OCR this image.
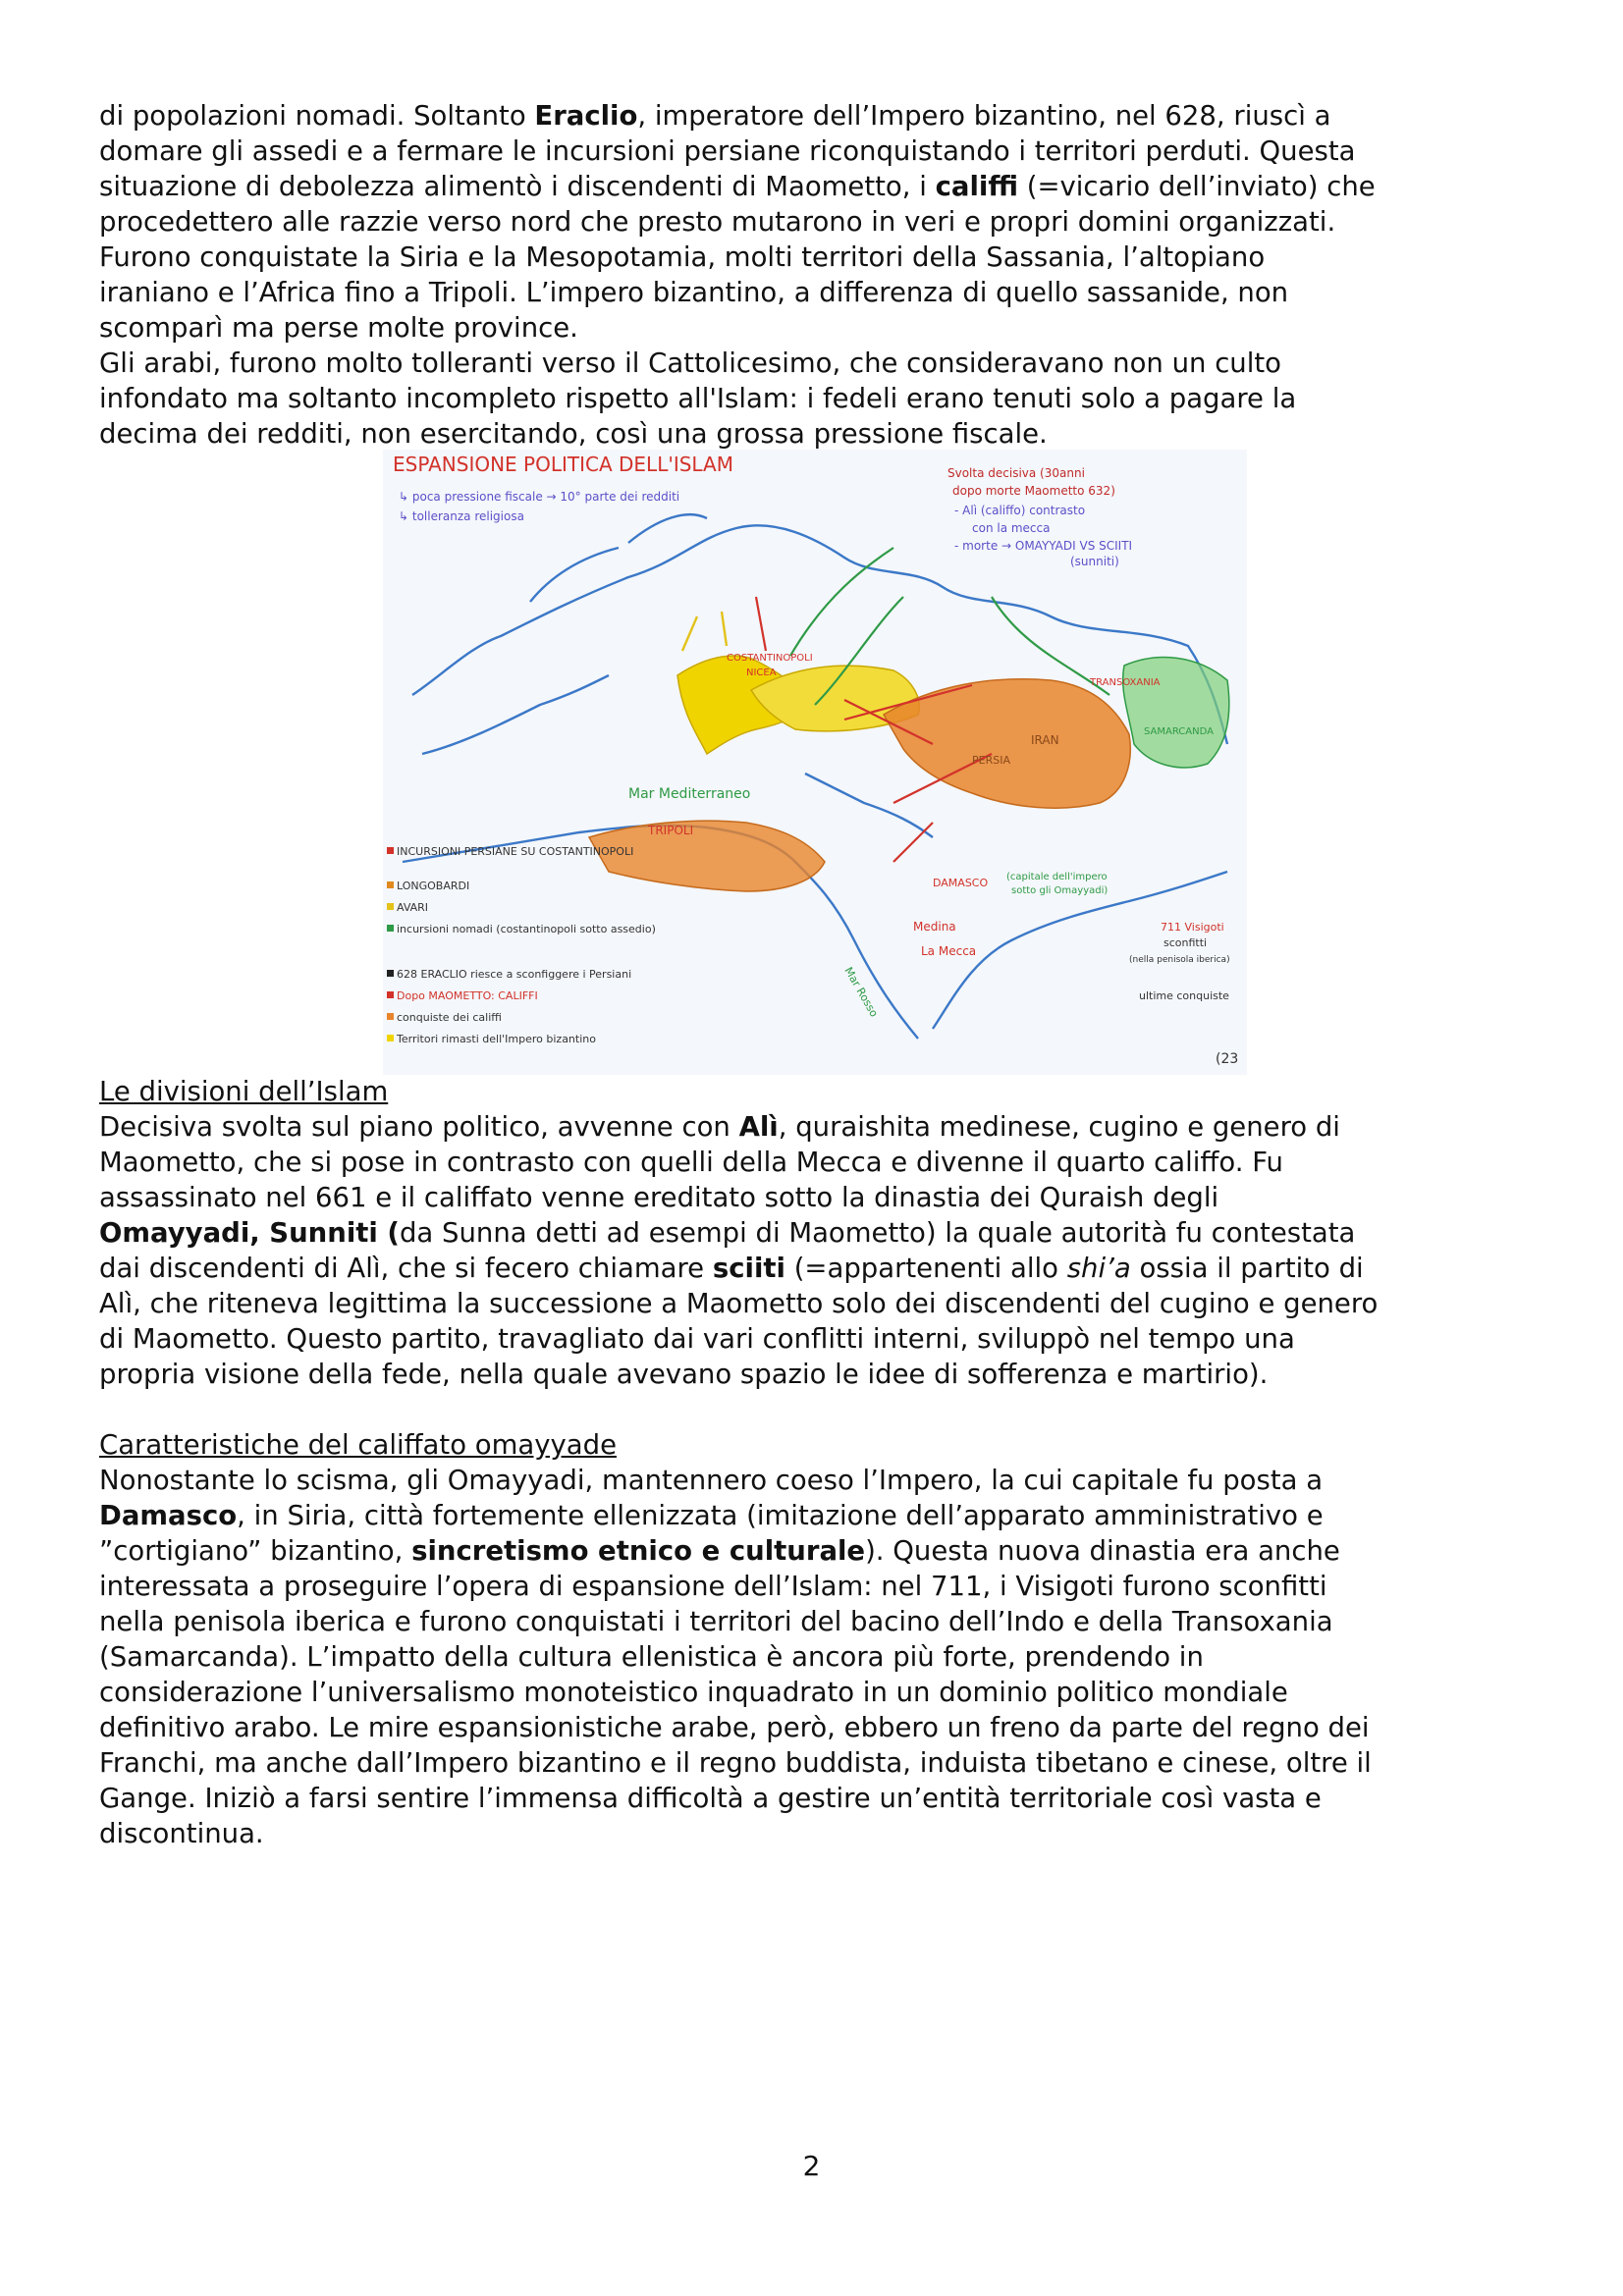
di popolazioni nomadi. Soltanto Eraclio, imperatore dell’Impero bizantino, nel 628, riuscì a
domare gli assedi e a fermare le incursioni persiane riconquistando i territori perduti. Questa
situazione di debolezza alimentò i discendenti di Maometto, i califfi (=vicario dell’inviato) che
procedettero alle razzie verso nord che presto mutarono in veri e propri domini organizzati.
Furono conquistate la Siria e la Mesopotamia, molti territori della Sassania, l’altopiano
iraniano e l’Africa fino a Tripoli. L’impero bizantino, a differenza di quello sassanide, non
scomparì ma perse molte province.

Gli arabi, furono molto tolleranti verso il Cattolicesimo, che consideravano non un culto
infondato ma soltanto incompleto rispetto all'Islam: i fedeli erano tenuti solo a pagare la
decima dei redditi, non esercitando, così una grossa pressione fiscale.

ESPANSIONE POLITICA DELL'ISLAM
↳ poca pressione fiscale → 10° parte dei redditi
↳ tolleranza religiosa
Svolta decisiva (30anni
dopo morte Maometto 632)
- Alì (califfo) contrasto
con la mecca
- morte → OMAYYADI VS SCIITI
(sunniti)
COSTANTINOPOLI
NICEA
Mar Mediterraneo
TRIPOLI
DAMASCO (capitale dell'impero
sotto gli Omayyadi)
Medina
La Mecca
Mar Rosso
TRANSOXANIA
SAMARCANDA
IRAN
PERSIA
INCURSIONI PERSIANE SU COSTANTINOPOLI
LONGOBARDI
AVARI
incursioni nomadi (costantinopoli sotto assedio)
628 ERACLIO riesce a sconfiggere i Persiani
Dopo MAOMETTO: CALIFFI
conquiste dei califfi
Territori rimasti dell'Impero bizantino
711 Visigoti
sconfitti
(nella penisola iberica)
ultime conquiste
(23

Le divisioni dell’Islam

Decisiva svolta sul piano politico, avvenne con Alì, quraishita medinese, cugino e genero di
Maometto, che si pose in contrasto con quelli della Mecca e divenne il quarto califfo. Fu
assassinato nel 661 e il califfato venne ereditato sotto la dinastia dei Quraish degli
Omayyadi, Sunniti (da Sunna detti ad esempi di Maometto) la quale autorità fu contestata
dai discendenti di Alì, che si fecero chiamare sciiti (=appartenenti allo shi’a ossia il partito di
Alì, che riteneva legittima la successione a Maometto solo dei discendenti del cugino e genero
di Maometto. Questo partito, travagliato dai vari conflitti interni, sviluppò nel tempo una
propria visione della fede, nella quale avevano spazio le idee di sofferenza e martirio).

Caratteristiche del califfato omayyade

Nonostante lo scisma, gli Omayyadi, mantennero coeso l’Impero, la cui capitale fu posta a
Damasco, in Siria, città fortemente ellenizzata (imitazione dell’apparato amministrativo e
”cortigiano” bizantino, sincretismo etnico e culturale). Questa nuova dinastia era anche
interessata a proseguire l’opera di espansione dell’Islam: nel 711, i Visigoti furono sconfitti
nella penisola iberica e furono conquistati i territori del bacino dell’Indo e della Transoxania
(Samarcanda). L’impatto della cultura ellenistica è ancora più forte, prendendo in
considerazione l’universalismo monoteistico inquadrato in un dominio politico mondiale
definitivo arabo. Le mire espansionistiche arabe, però, ebbero un freno da parte del regno dei
Franchi, ma anche dall’Impero bizantino e il regno buddista, induista tibetano e cinese, oltre il
Gange. Iniziò a farsi sentire l’immensa difficoltà a gestire un’entità territoriale così vasta e
discontinua.

2
